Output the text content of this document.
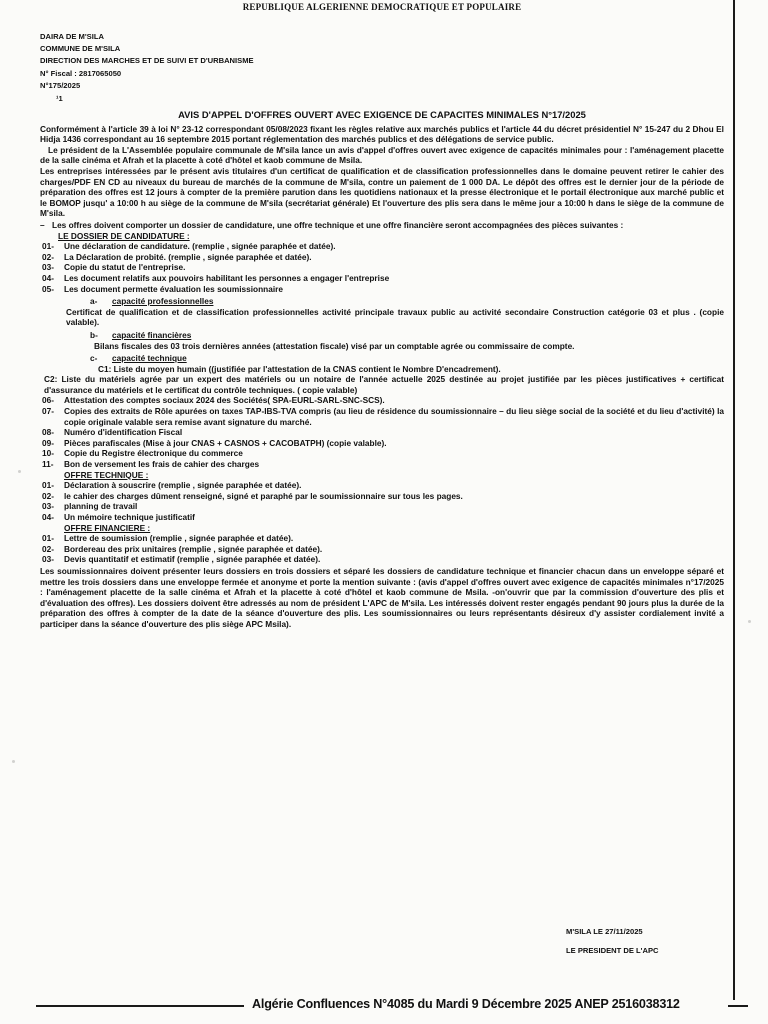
REPUBLIQUE ALGERIENNE DEMOCRATIQUE ET POPULAIRE
DAIRA DE M'SILA
COMMUNE DE M'SILA
DIRECTION DES MARCHES ET DE SUIVI ET D'URBANISME
N° Fiscal : 2817065050
N°175/2025
¹1
AVIS D'APPEL D'OFFRES OUVERT AVEC EXIGENCE DE CAPACITES MINIMALES N°17/2025

Conformément à l'article 39 à loi N° 23-12 correspondant 05/08/2023 fixant les règles relative aux marchés publics et l'article 44 du décret présidentiel N° 15-247 du 2 Dhou El Hidja 1436 correspondant au 16 septembre 2015 portant réglementation des marchés publics et des délégations de service public.

Le président de la L'Assemblée populaire communale de M'sila lance un avis d'appel d'offres ouvert avec exigence de capacités minimales pour : l'aménagement placette de la salle cinéma et Afrah et la placette à coté d'hôtel et kaob commune de Msila.

Les entreprises intéressées par le présent avis titulaires d'un certificat de qualification et de classification professionnelles dans le domaine peuvent retirer le cahier des charges/PDF EN CD au niveaux du bureau de marchés de la commune de M'sila, contre un paiement de 1 000 DA. Le dépôt des offres est le dernier jour de la période de préparation des offres est 12 jours à compter de la première parution dans les quotidiens nationaux et la presse électronique et le portail électronique aux marché public et le BOMOP jusqu' a 10:00 h au siège de la commune de M'sila (secrétariat générale) Et l'ouverture des plis sera dans le même jour a 10:00 h dans le siège de la commune de M'sila.

– Les offres doivent comporter un dossier de candidature, une offre technique et une offre financière seront accompagnées des pièces suivantes :
LE DOSSIER DE CANDIDATURE :
01-	Une déclaration de candidature. (remplie , signée paraphée et datée).
02-	La Déclaration de probité. (remplie , signée paraphée et datée).
03-	Copie du statut de l'entreprise.
04-	Les document relatifs aux pouvoirs habilitant les personnes a engager l'entreprise
05-	Les document permette évaluation les soumissionnaire
a-	capacité professionnelles
Certificat de qualification et de classification professionnelles activité principale travaux public au activité secondaire Construction catégorie 03 et plus . (copie valable).
b-	capacité financières
Bilans fiscales des 03 trois dernières années (attestation fiscale) visé par un comptable agrée ou commissaire de compte.
c-	capacité technique
C1: Liste du moyen humain ((justifiée par l'attestation de la CNAS contient le Nombre D'encadrement).
C2: Liste du matériels agrée par un expert des matériels ou un notaire de l'année actuelle 2025 destinée au projet justifiée par les pièces justificatives + certificat d'assurance du matériels et le certificat du contrôle techniques. ( copie valable)
06-	Attestation des comptes sociaux 2024 des Sociétés( SPA-EURL-SARL-SNC-SCS).
07-	Copies des extraits de Rôle apurées on taxes TAP-IBS-TVA compris (au lieu de résidence du soumissionnaire – du lieu siège social de la société et du lieu d'activité) la copie originale valable sera remise avant signature du marché.
08-	Numéro d'identification Fiscal
09-	Pièces parafiscales (Mise à jour CNAS + CASNOS + CACOBATPH) (copie valable).
10-	Copie du Registre électronique du commerce
11-	Bon de versement les frais de cahier des charges
OFFRE TECHNIQUE :
01-	Déclaration à souscrire (remplie , signée paraphée et datée).
02-	le cahier des charges dûment renseigné, signé et paraphé par le soumissionnaire sur tous les pages.
03-	planning de travail
04-	Un mémoire technique justificatif
OFFRE FINANCIERE :
01-	Lettre de soumission (remplie , signée paraphée et datée).
02-	Bordereau des prix unitaires (remplie , signée paraphée et datée).
03-	Devis quantitatif et estimatif (remplie , signée paraphée et datée).

Les soumissionnaires doivent présenter leurs dossiers en trois dossiers et séparé les dossiers de candidature technique et financier chacun dans un enveloppe séparé et mettre les trois dossiers dans une enveloppe fermée et anonyme et porte la mention suivante : (avis d'appel d'offres ouvert avec exigence de capacités minimales n°17/2025 : l'aménagement placette de la salle cinéma et Afrah et la placette à coté d'hôtel et kaob commune de Msila. -on'ouvrir que par la commission d'ouverture des plis et d'évaluation des offres). Les dossiers doivent être adressés au nom de président L'APC de M'sila. Les intéressés doivent rester engagés pendant 90 jours plus la durée de la préparation des offres à compter de la date de la séance d'ouverture des plis. Les soumissionnaires ou leurs représentants désireux d'y assister cordialement invité a participer dans la séance d'ouverture des plis siège APC Msila).

M'SILA LE 27/11/2025
LE PRESIDENT DE L'APC
Algérie Confluences N°4085 du Mardi 9 Décembre 2025 ANEP 2516038312
